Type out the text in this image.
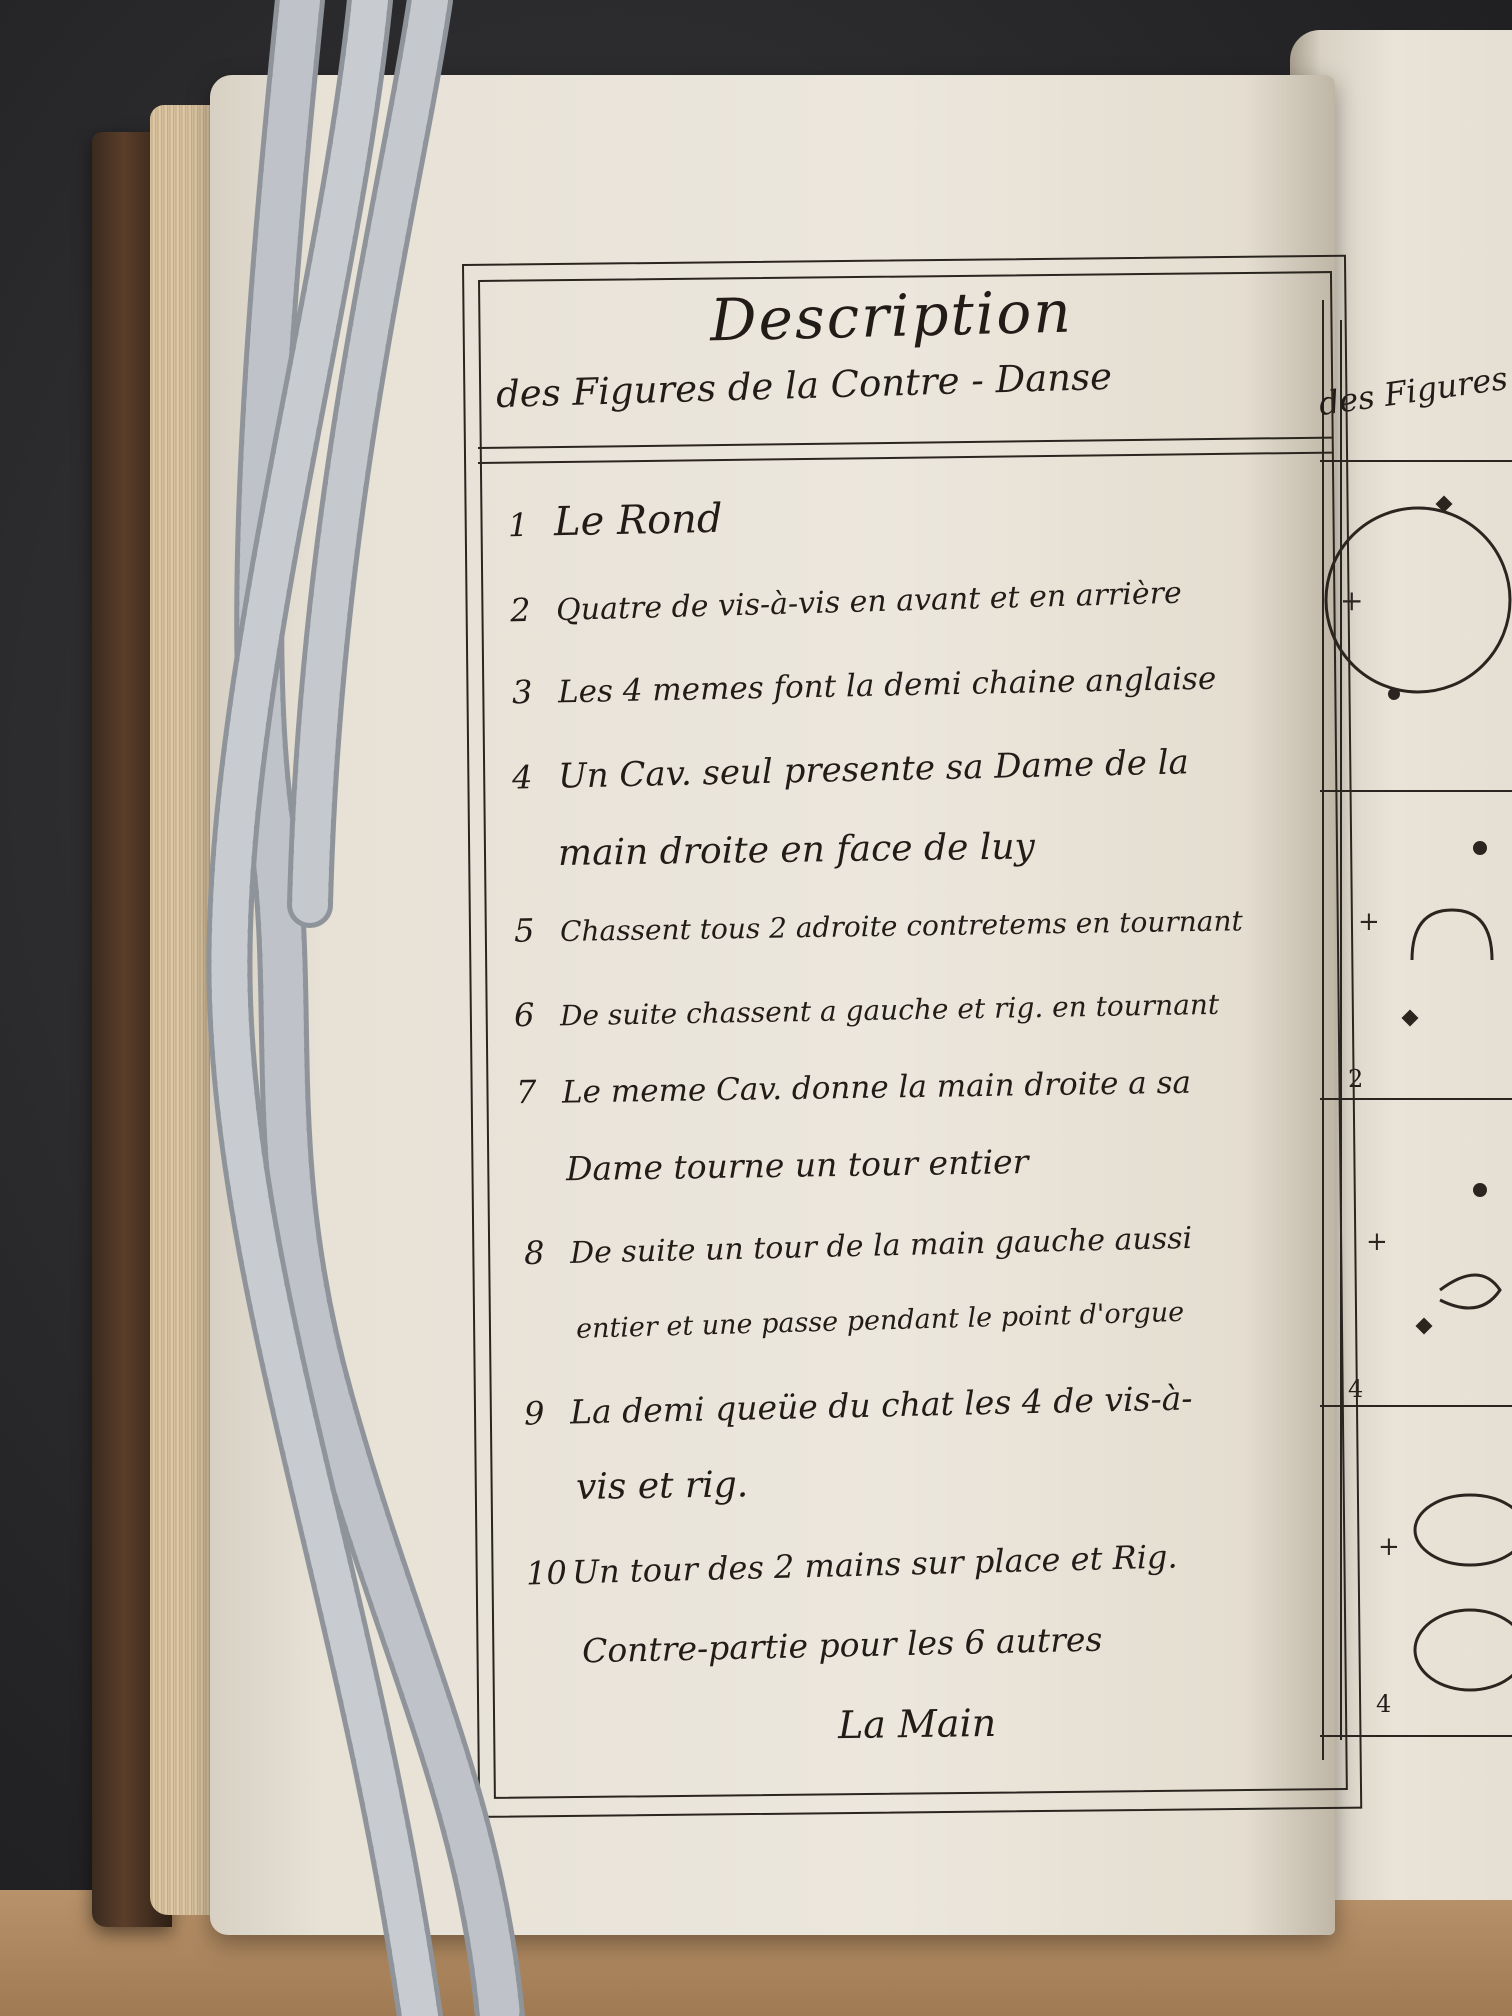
des Figures
2
4
4
+
+
+
+
Description
des Figures de la Contre - Danse
1 Le Rond
2 Quatre de vis-à-vis en avant et en arrière
3 Les 4 memes font la demi chaine anglaise
4 Un Cav. seul presente sa Dame de la
main droite en face de luy
5 Chassent tous 2 adroite contretems en tournant
6 De suite chassent a gauche et rig. en tournant
7 Le meme Cav. donne la main droite a sa
Dame tourne un tour entier
8 De suite un tour de la main gauche aussi
entier et une passe pendant le point d'orgue
9 La demi queüe du chat les 4 de vis-à-
vis et rig.
10 Un tour des 2 mains sur place et Rig.
Contre-partie pour les 6 autres
La Main
